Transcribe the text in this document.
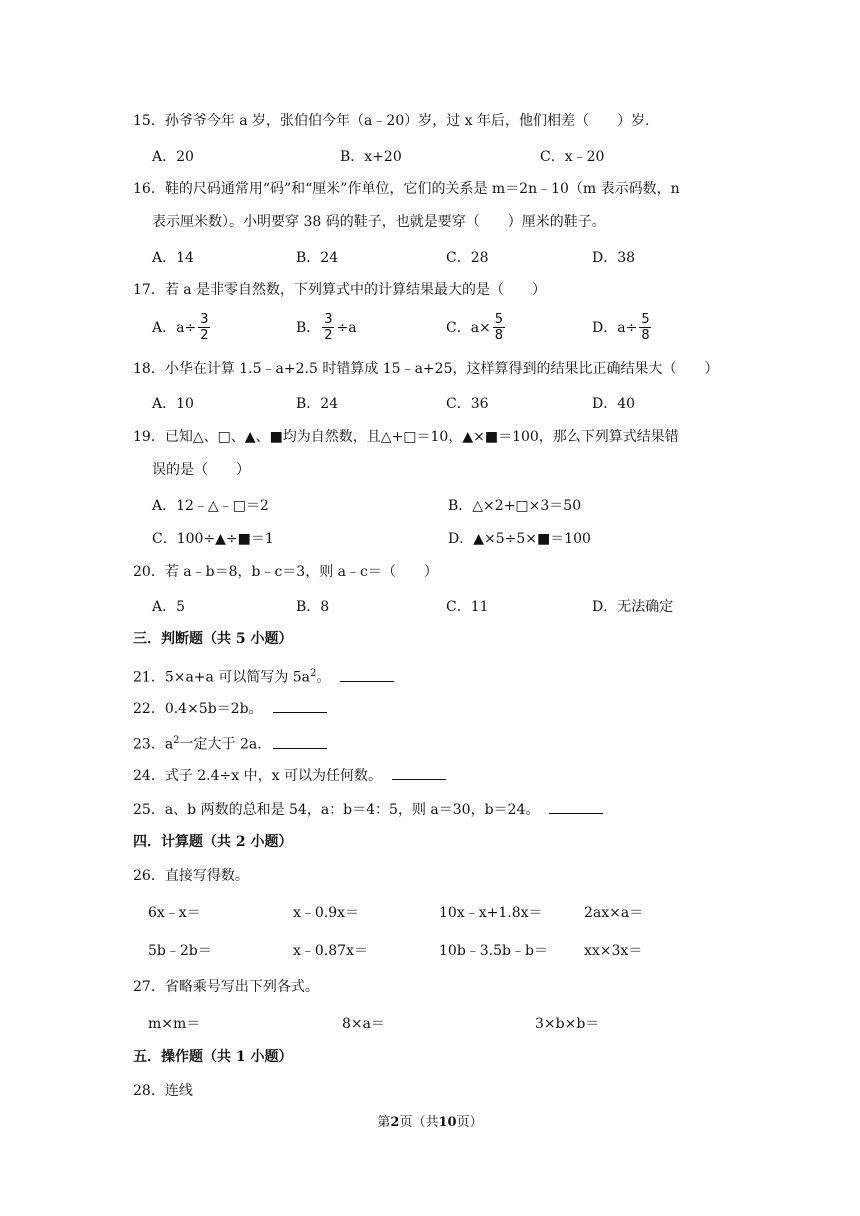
15．孙爷爷今年 a 岁，张伯伯今年（a﹣20）岁，过 x 年后，他们相差（　　）岁.
A．20	B．x+20	C．x﹣20
16．鞋的尺码通常用“码”和“厘米”作单位，它们的关系是 m＝2n﹣10（m 表示码数，n
表示厘米数）。小明要穿 38 码的鞋子，也就是要穿（　　）厘米的鞋子。
A．14	B．24	C．28	D．38
17．若 a 是非零自然数，下列算式中的计算结果最大的是（　　）
A．$a\div \frac{3}{2}$	B． $\frac{3}{2} \div a$	C．$a\times \frac{5}{8}$	D．$a\div \frac{5}{8}$
18．小华在计算 1.5﹣a+2.5 时错算成 15﹣a+25，这样算得到的结果比正确结果大（　　）
A．10	B．24	C．36	D．40
19．已知△、□、▲、■均为自然数，且△+□＝10，▲×■＝100，那么下列算式结果错
误的是（　　）
A．12﹣△﹣□＝2	B．△×2+□×3＝50
C．100÷▲÷■＝1	D．▲×5÷5×■＝100
20．若 a﹣b＝8，b﹣c＝3，则 a﹣c＝（　　）
A．5	B．8	C．11	D．无法确定
三．判断题（共 5 小题）
21．5×a+a 可以简写为 $5a^2$。
22．0.4×5b＝2b。
23．$a^2$一定大于 2a．
24．式子 2.4÷x 中，x 可以为任何数。
25．a、b 两数的总和是 54，a：b＝4：5，则 a＝30，b＝24。
四．计算题（共 2 小题）
26．直接写得数。
6x﹣x＝	x﹣0.9x＝	10x﹣x+1.8x＝	2ax×a＝
5b﹣2b＝	x﹣0.87x＝	10b﹣3.5b﹣b＝	xx×3x＝
27．省略乘号写出下列各式。
m×m＝	8×a＝	3×b×b＝
五．操作题（共 1 小题）
28．连线
第2页（共10页）
